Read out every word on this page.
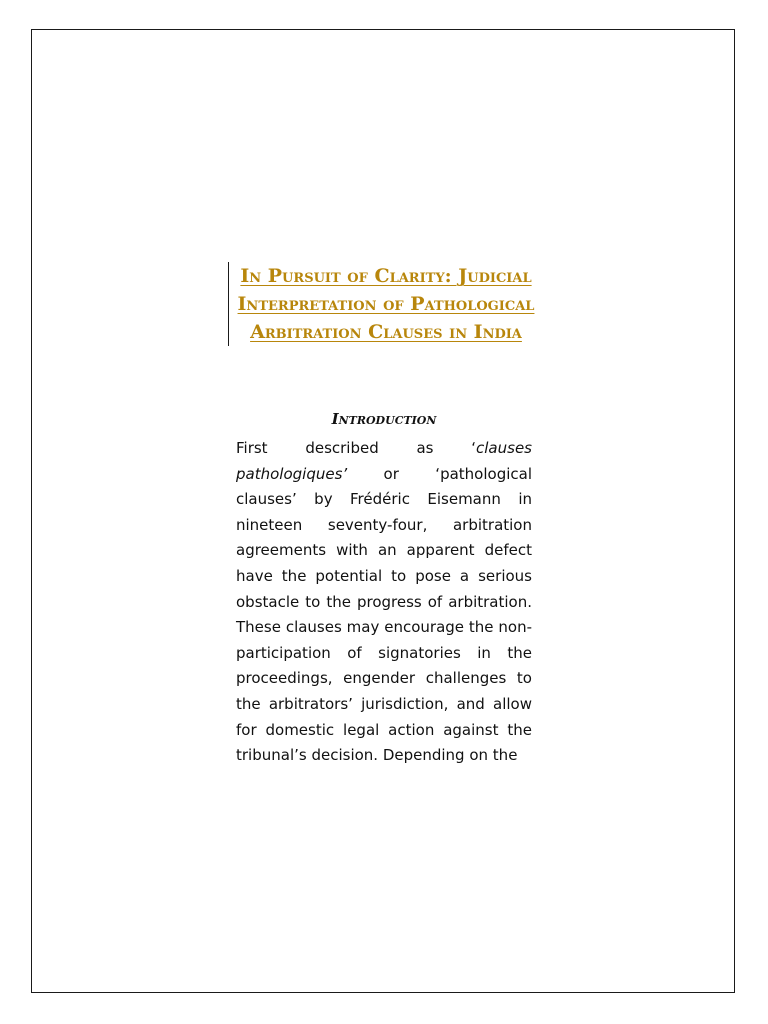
In Pursuit of Clarity: Judicial Interpretation of Pathological Arbitration Clauses in India
Introduction

First described as ‘clauses pathologiques’ or ‘pathological clauses’ by Frédéric Eisemann in nineteen seventy-four, arbitration agreements with an apparent defect have the potential to pose a serious obstacle to the progress of arbitration. These clauses may encourage the non-participation of signatories in the proceedings, engender challenges to the arbitrators’ jurisdiction, and allow for domestic legal action against the tribunal’s decision. Depending on the
